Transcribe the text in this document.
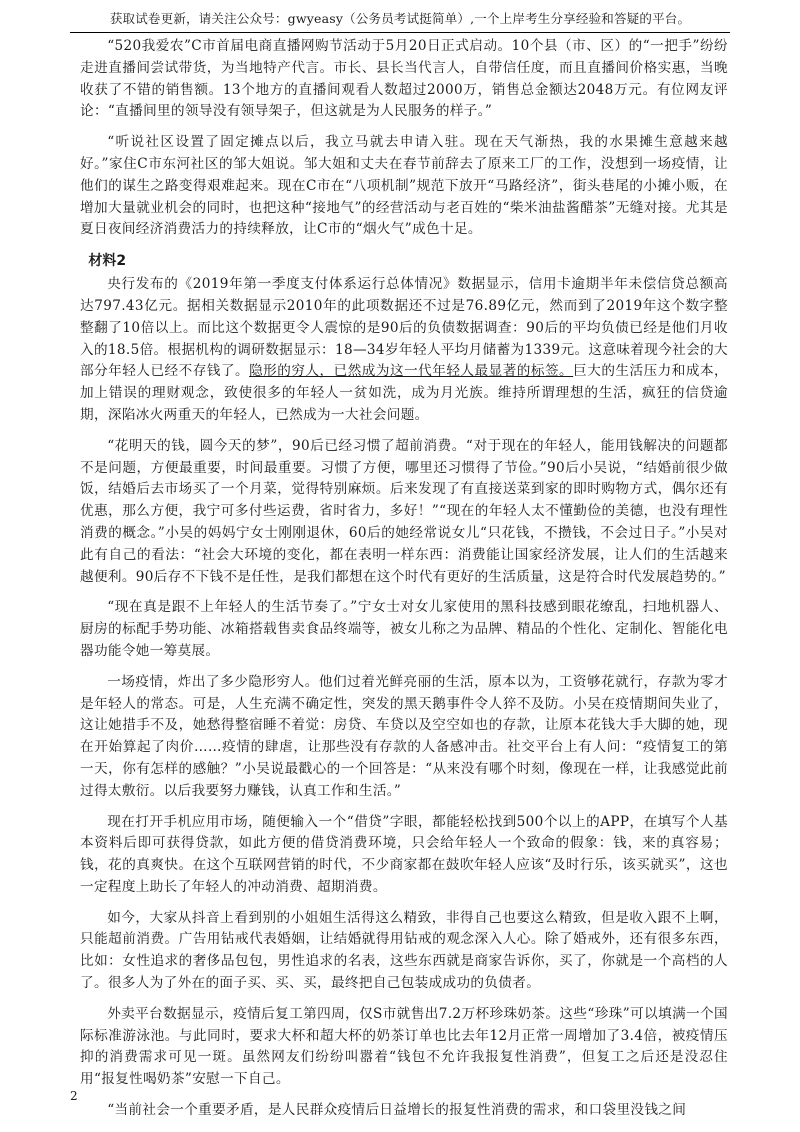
获取试卷更新，请关注公众号：gwyeasy（公务员考试挺简单）,一个上岸考生分享经验和答疑的平台。

“520我爱农”C市首届电商直播网购节活动于5月20日正式启动。10个县（市、区）的“一把手”纷纷走进直播间尝试带货，为当地特产代言。市长、县长当代言人，自带信任度，而且直播间价格实惠，当晚收获了不错的销售额。13个地方的直播间观看人数超过2000万，销售总金额达2048万元。有位网友评论：“直播间里的领导没有领导架子，但这就是为人民服务的样子。”

“听说社区设置了固定摊点以后，我立马就去申请入驻。现在天气渐热，我的水果摊生意越来越好。”家住C市东河社区的邹大姐说。邹大姐和丈夫在春节前辞去了原来工厂的工作，没想到一场疫情，让他们的谋生之路变得艰难起来。现在C市在“八项机制”规范下放开“马路经济”，街头巷尾的小摊小贩，在增加大量就业机会的同时，也把这种“接地气”的经营活动与老百姓的“柴米油盐酱醋茶”无缝对接。尤其是夏日夜间经济消费活力的持续释放，让C市的“烟火气”成色十足。

材料2

央行发布的《2019年第一季度支付体系运行总体情况》数据显示，信用卡逾期半年未偿信贷总额高达797.43亿元。据相关数据显示2010年的此项数据还不过是76.89亿元，然而到了2019年这个数字整整翻了10倍以上。而比这个数据更令人震惊的是90后的负债数据调查：90后的平均负债已经是他们月收入的18.5倍。根据机构的调研数据显示：18—34岁年轻人平均月储蓄为1339元。这意味着现今社会的大部分年轻人已经不存钱了。隐形的穷人，已然成为这一代年轻人最显著的标签。巨大的生活压力和成本，加上错误的理财观念，致使很多的年轻人一贫如洗，成为月光族。维持所谓理想的生活，疯狂的信贷逾期，深陷冰火两重天的年轻人，已然成为一大社会问题。

“花明天的钱，圆今天的梦”，90后已经习惯了超前消费。“对于现在的年轻人，能用钱解决的问题都不是问题，方便最重要，时间最重要。习惯了方便，哪里还习惯得了节俭。”90后小吴说，“结婚前很少做饭，结婚后去市场买了一个月菜，觉得特别麻烦。后来发现了有直接送菜到家的即时购物方式，偶尔还有优惠，那么方便，我宁可多付些运费，省时省力，多好！”“现在的年轻人太不懂勤俭的美德，也没有理性消费的概念。”小吴的妈妈宁女士刚刚退休，60后的她经常说女儿“只花钱，不攒钱，不会过日子。”小吴对此有自己的看法：“社会大环境的变化，都在表明一样东西：消费能让国家经济发展，让人们的生活越来越便利。90后存不下钱不是任性，是我们都想在这个时代有更好的生活质量，这是符合时代发展趋势的。”

“现在真是跟不上年轻人的生活节奏了。”宁女士对女儿家使用的黑科技感到眼花缭乱，扫地机器人、厨房的标配手势功能、冰箱搭载售卖食品终端等，被女儿称之为品牌、精品的个性化、定制化、智能化电器功能令她一筹莫展。

一场疫情，炸出了多少隐形穷人。他们过着光鲜亮丽的生活，原本以为，工资够花就行，存款为零才是年轻人的常态。可是，人生充满不确定性，突发的黑天鹅事件令人猝不及防。小吴在疫情期间失业了，这让她措手不及，她愁得整宿睡不着觉：房贷、车贷以及空空如也的存款，让原本花钱大手大脚的她，现在开始算起了肉价……疫情的肆虐，让那些没有存款的人备感冲击。社交平台上有人问：“疫情复工的第一天，你有怎样的感触？”小吴说最戳心的一个回答是：“从来没有哪个时刻，像现在一样，让我感觉此前过得太敷衍。以后我要努力赚钱，认真工作和生活。”

现在打开手机应用市场，随便输入一个“借贷”字眼，都能轻松找到500个以上的APP，在填写个人基本资料后即可获得贷款，如此方便的借贷消费环境，只会给年轻人一个致命的假象：钱，来的真容易；钱，花的真爽快。在这个互联网营销的时代，不少商家都在鼓吹年轻人应该“及时行乐，该买就买”，这也一定程度上助长了年轻人的冲动消费、超期消费。

如今，大家从抖音上看到别的小姐姐生活得这么精致，非得自己也要这么精致，但是收入跟不上啊，只能超前消费。广告用钻戒代表婚姻，让结婚就得用钻戒的观念深入人心。除了婚戒外，还有很多东西，比如：女性追求的奢侈品包包，男性追求的名表，这些东西就是商家告诉你，买了，你就是一个高档的人了。很多人为了外在的面子买、买、买，最终把自己包装成成功的负债者。

外卖平台数据显示，疫情后复工第四周，仅S市就售出7.2万杯珍珠奶茶。这些“珍珠”可以填满一个国际标准游泳池。与此同时，要求大杯和超大杯的奶茶订单也比去年12月正常一周增加了3.4倍，被疫情压抑的消费需求可见一斑。虽然网友们纷纷叫嚣着“钱包不允许我报复性消费”，但复工之后还是没忍住用“报复性喝奶茶”安慰一下自己。

“当前社会一个重要矛盾，是人民群众疫情后日益增长的报复性消费的需求，和口袋里没钱之间

2
